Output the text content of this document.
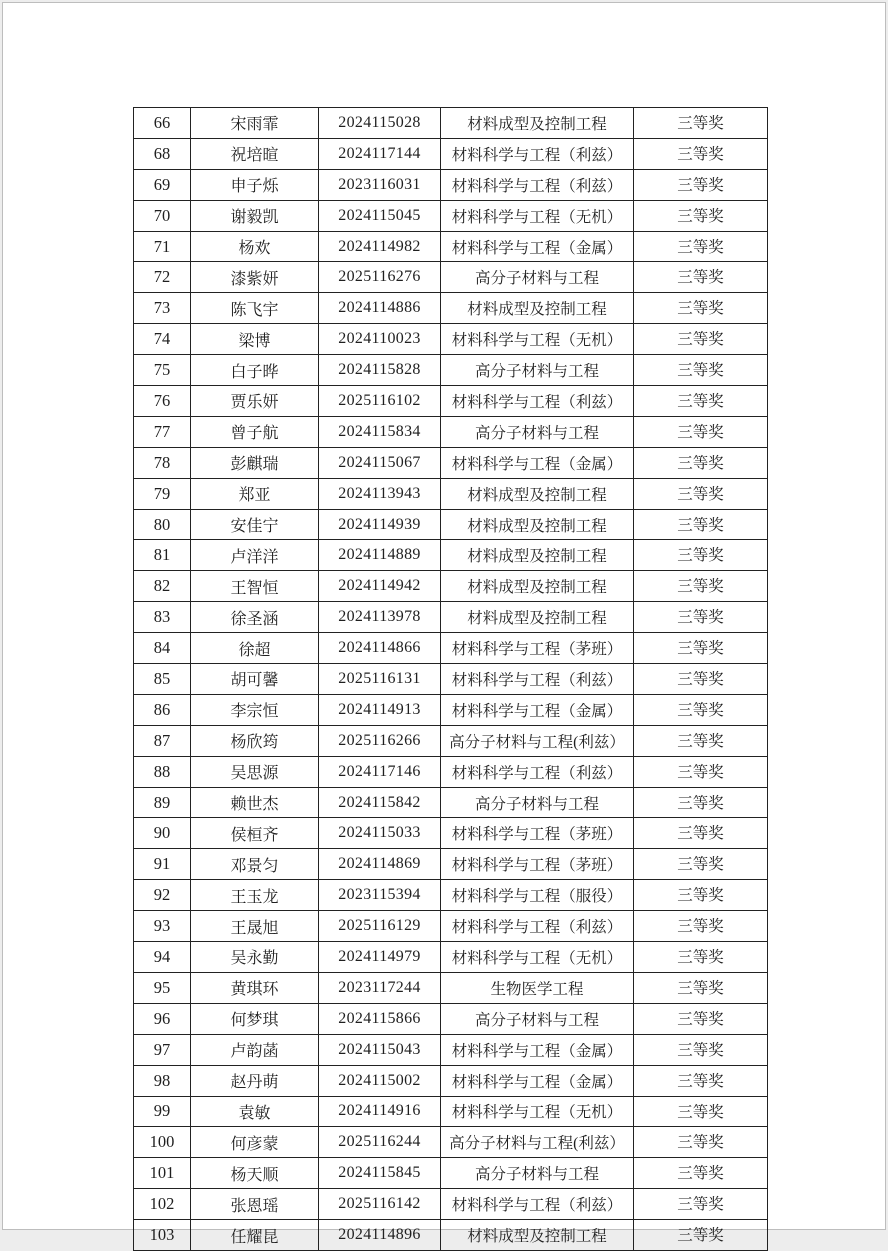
66	宋雨霏	2024115028	材料成型及控制工程	三等奖
68	祝培暄	2024117144	材料科学与工程（利兹）	三等奖
69	申子烁	2023116031	材料科学与工程（利兹）	三等奖
70	谢毅凯	2024115045	材料科学与工程（无机）	三等奖
71	杨欢	2024114982	材料科学与工程（金属）	三等奖
72	漆紫妍	2025116276	高分子材料与工程	三等奖
73	陈飞宇	2024114886	材料成型及控制工程	三等奖
74	梁博	2024110023	材料科学与工程（无机）	三等奖
75	白子晔	2024115828	高分子材料与工程	三等奖
76	贾乐妍	2025116102	材料科学与工程（利兹）	三等奖
77	曾子航	2024115834	高分子材料与工程	三等奖
78	彭麒瑞	2024115067	材料科学与工程（金属）	三等奖
79	郑亚	2024113943	材料成型及控制工程	三等奖
80	安佳宁	2024114939	材料成型及控制工程	三等奖
81	卢洋洋	2024114889	材料成型及控制工程	三等奖
82	王智恒	2024114942	材料成型及控制工程	三等奖
83	徐圣涵	2024113978	材料成型及控制工程	三等奖
84	徐超	2024114866	材料科学与工程（茅班）	三等奖
85	胡可馨	2025116131	材料科学与工程（利兹）	三等奖
86	李宗恒	2024114913	材料科学与工程（金属）	三等奖
87	杨欣筠	2025116266	高分子材料与工程(利兹）	三等奖
88	吴思源	2024117146	材料科学与工程（利兹）	三等奖
89	赖世杰	2024115842	高分子材料与工程	三等奖
90	侯桓齐	2024115033	材料科学与工程（茅班）	三等奖
91	邓景匀	2024114869	材料科学与工程（茅班）	三等奖
92	王玉龙	2023115394	材料科学与工程（服役）	三等奖
93	王晟旭	2025116129	材料科学与工程（利兹）	三等奖
94	吴永勤	2024114979	材料科学与工程（无机）	三等奖
95	黄琪环	2023117244	生物医学工程	三等奖
96	何梦琪	2024115866	高分子材料与工程	三等奖
97	卢韵菡	2024115043	材料科学与工程（金属）	三等奖
98	赵丹萌	2024115002	材料科学与工程（金属）	三等奖
99	袁敏	2024114916	材料科学与工程（无机）	三等奖
100	何彦蒙	2025116244	高分子材料与工程(利兹）	三等奖
101	杨天顺	2024115845	高分子材料与工程	三等奖
102	张恩瑶	2025116142	材料科学与工程（利兹）	三等奖
103	任耀昆	2024114896	材料成型及控制工程	三等奖
